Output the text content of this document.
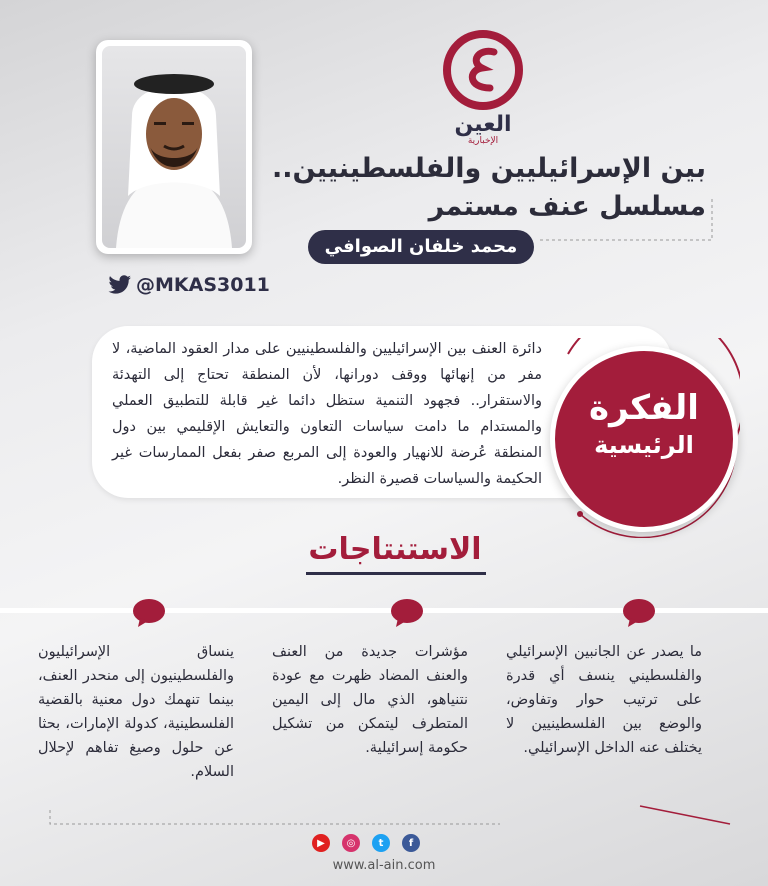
العين
الإخبارية
بين الإسرائيليين والفلسطينيين..
مسلسل عنف مستمر
محمد خلفان الصوافي
@MKAS3011
دائرة العنف بين الإسرائيليين والفلسطينيين على مدار العقود الماضية، لا مفر من إنهائها ووقف دورانها، لأن المنطقة تحتاج إلى التهدئة والاستقرار.. فجهود التنمية ستظل دائما غير قابلة للتطبيق العملي والمستدام ما دامت سياسات التعاون والتعايش الإقليمي بين دول المنطقة عُرضة للانهيار والعودة إلى المربع صفر بفعل الممارسات غير الحكيمة والسياسات قصيرة النظر.
الفكرة
الرئيسية
الاستنتاجات
ما يصدر عن الجانبين الإسرائيلي والفلسطيني ينسف أي قدرة على ترتيب حوار وتفاوض، والوضع بين الفلسطينيين لا يختلف عنه الداخل الإسرائيلي.
مؤشرات جديدة من العنف والعنف المضاد ظهرت مع عودة نتنياهو، الذي مال إلى اليمين المتطرف ليتمكن من تشكيل حكومة إسرائيلية.
ينساق الإسرائيليون والفلسطينيون إلى منحدر العنف، بينما تنهمك دول معنية بالقضية الفلسطينية، كدولة الإمارات، بحثا عن حلول وصيغ تفاهم لإحلال السلام.
▶	◎	t	f
www.al-ain.com
